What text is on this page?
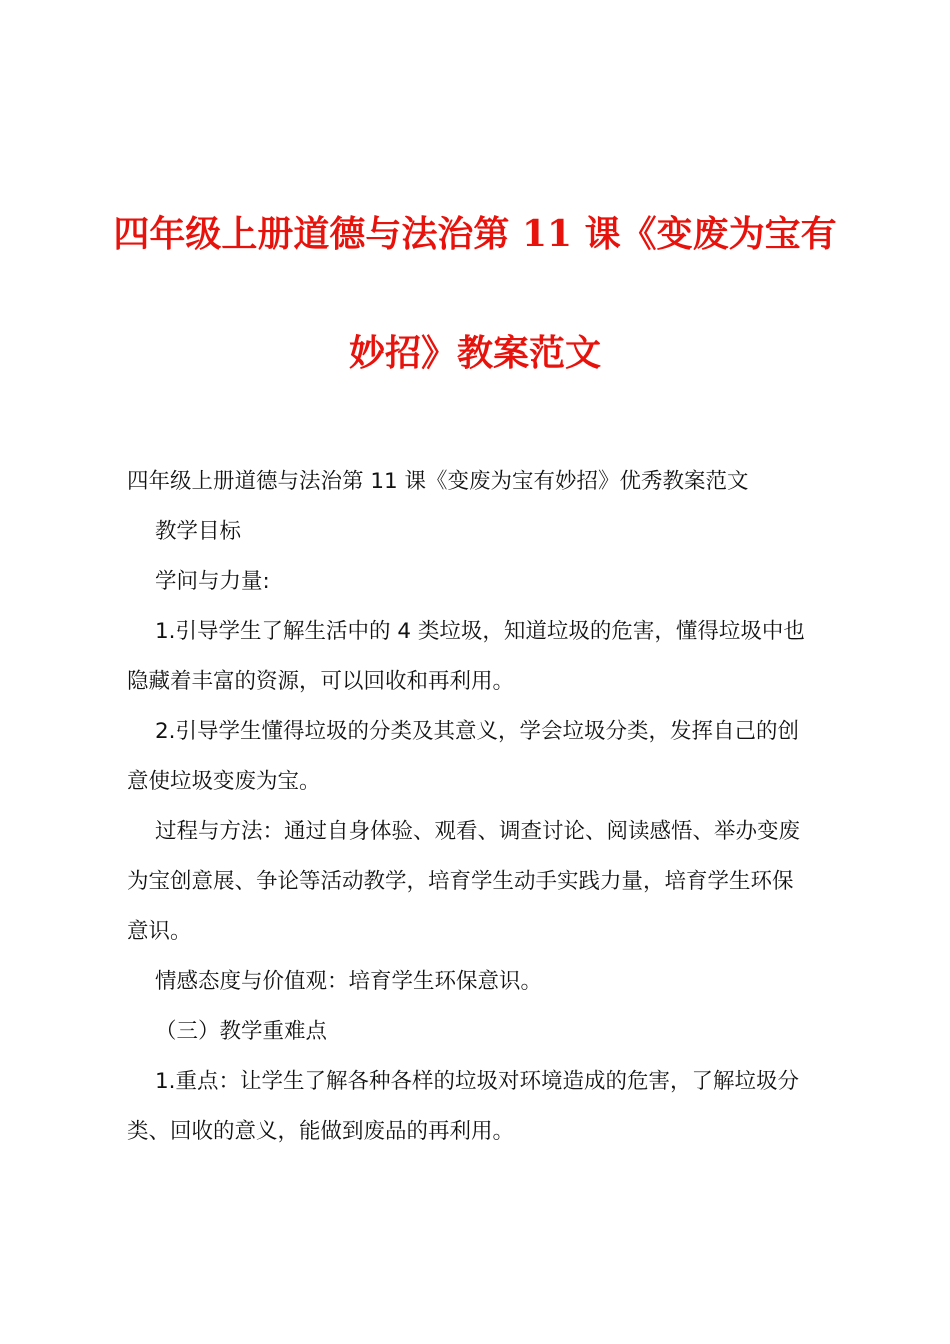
四年级上册道德与法治第 11 课《变废为宝有
妙招》教案范文
四年级上册道德与法治第 11 课《变废为宝有妙招》优秀教案范文
教学目标
学问与力量:
1.引导学生了解生活中的 4 类垃圾，知道垃圾的危害，懂得垃圾中也
隐藏着丰富的资源，可以回收和再利用。
2.引导学生懂得垃圾的分类及其意义，学会垃圾分类，发挥自己的创
意使垃圾变废为宝。
过程与方法：通过自身体验、观看、调查讨论、阅读感悟、举办变废
为宝创意展、争论等活动教学，培育学生动手实践力量，培育学生环保
意识。
情感态度与价值观：培育学生环保意识。
（三）教学重难点
1.重点：让学生了解各种各样的垃圾对环境造成的危害，了解垃圾分
类、回收的意义，能做到废品的再利用。
